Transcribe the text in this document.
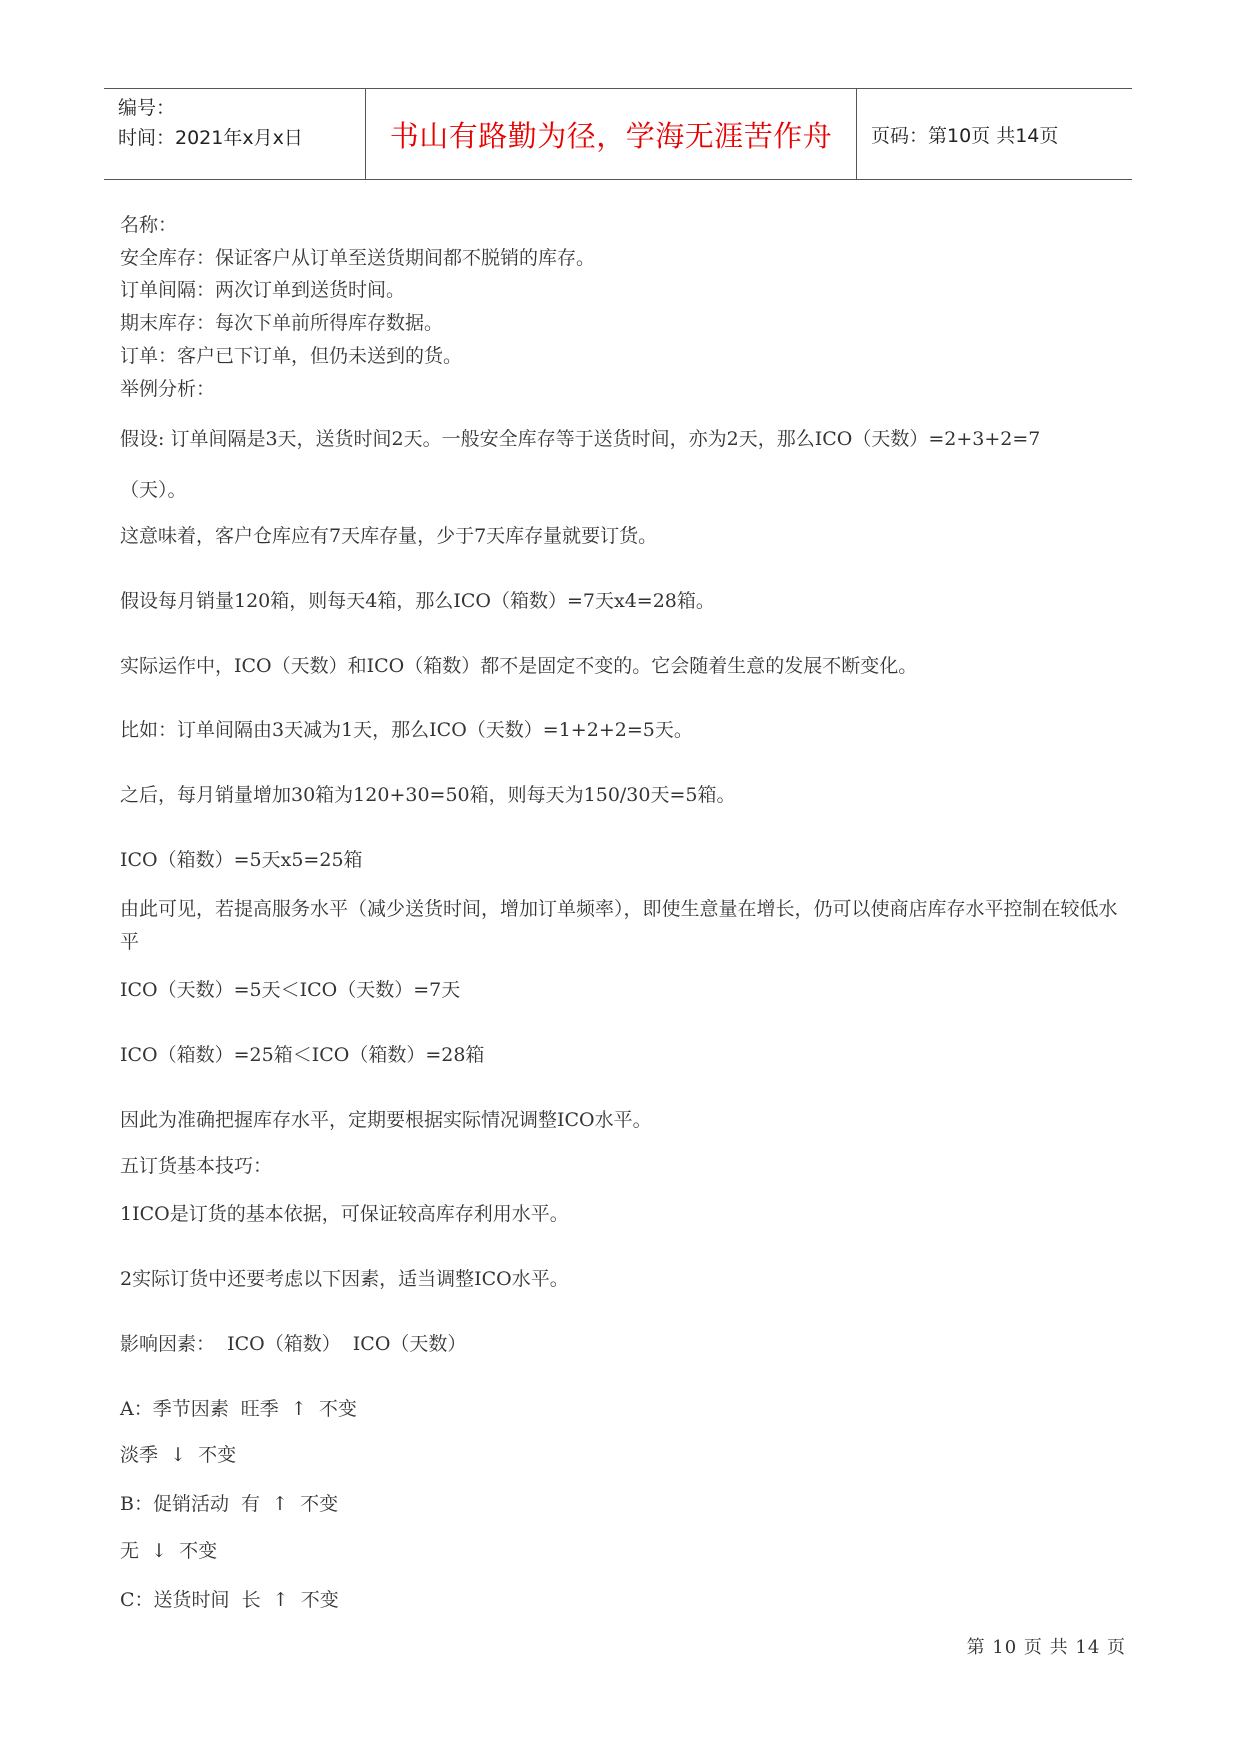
编号：
时间：2021年x月x日	书山有路勤为径，学海无涯苦作舟 页码：第10页 共14页
名称：
安全库存：保证客户从订单至送货期间都不脱销的库存。
订单间隔：两次订单到送货时间。
期末库存：每次下单前所得库存数据。
订单：客户已下订单，但仍未送到的货。
举例分析：
假设: 订单间隔是3天，送货时间2天。一般安全库存等于送货时间，亦为2天，那么ICO（天数）=2+3+2=7
（天）。
这意味着，客户仓库应有7天库存量，少于7天库存量就要订货。
假设每月销量120箱，则每天4箱，那么ICO（箱数）=7天x4=28箱。
实际运作中，ICO（天数）和ICO（箱数）都不是固定不变的。它会随着生意的发展不断变化。
比如：订单间隔由3天减为1天，那么ICO（天数）=1+2+2=5天。
之后，每月销量增加30箱为120+30=50箱，则每天为150/30天=5箱。
ICO（箱数）=5天x5=25箱
由此可见，若提高服务水平（减少送货时间，增加订单频率），即使生意量在增长，仍可以使商店库存水平控制在较低水平
ICO（天数）=5天＜ICO（天数）=7天
ICO（箱数）=25箱＜ICO（箱数）=28箱
因此为准确把握库存水平，定期要根据实际情况调整ICO水平。
五订货基本技巧：
1ICO是订货的基本依据，可保证较高库存利用水平。
2实际订货中还要考虑以下因素，适当调整ICO水平。
影响因素：  ICO（箱数）  ICO（天数）
A：季节因素  旺季  ↑  不变
淡季  ↓  不变
B：促销活动  有  ↑  不变
无  ↓  不变
C：送货时间  长  ↑  不变
第 10 页 共 14 页
